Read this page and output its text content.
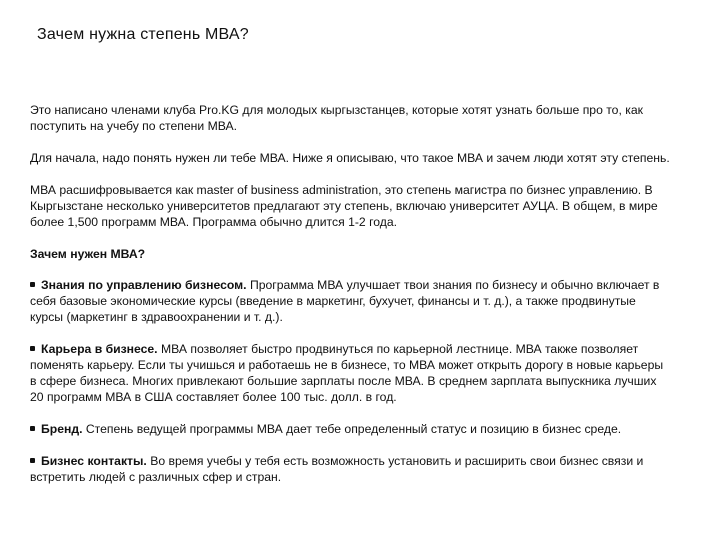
Зачем нужна степень МВА?

Это написано членами клуба Pro.KG для молодых кыргызстанцев, которые хотят узнать больше про то, как поступить на учебу по степени МВА.

Для начала, надо понять нужен ли тебе МВА. Ниже я описываю, что такое МВА и зачем люди хотят эту степень.

МВА расшифровывается как master of business administration, это степень магистра по бизнес управлению. В Кыргызстане несколько университетов предлагают эту степень, включаю университет АУЦА. В общем, в мире более 1,500 программ МВА. Программа обычно длится 1-2 года.

Зачем нужен МВА?

Знания по управлению бизнесом. Программа МВА улучшает твои знания по бизнесу и обычно включает в себя базовые экономические курсы (введение в маркетинг, бухучет, финансы и т. д.), а также продвинутые курсы (маркетинг в здравоохранении и т. д.).
Карьера в бизнесе. МВА позволяет быстро продвинуться по карьерной лестнице. МВА также позволяет поменять карьеру. Если ты учишься и работаешь не в бизнесе, то МВА может открыть дорогу в новые карьеры в сфере бизнеса. Многих привлекают большие зарплаты после МВА. В среднем зарплата выпускника лучших 20 программ МВА в США составляет более 100 тыс. долл. в год.
Бренд. Степень ведущей программы МВА дает тебе определенный статус и позицию в бизнес среде.
Бизнес контакты. Во время учебы у тебя есть возможность установить и расширить свои бизнес связи и встретить людей с различных сфер и стран.
